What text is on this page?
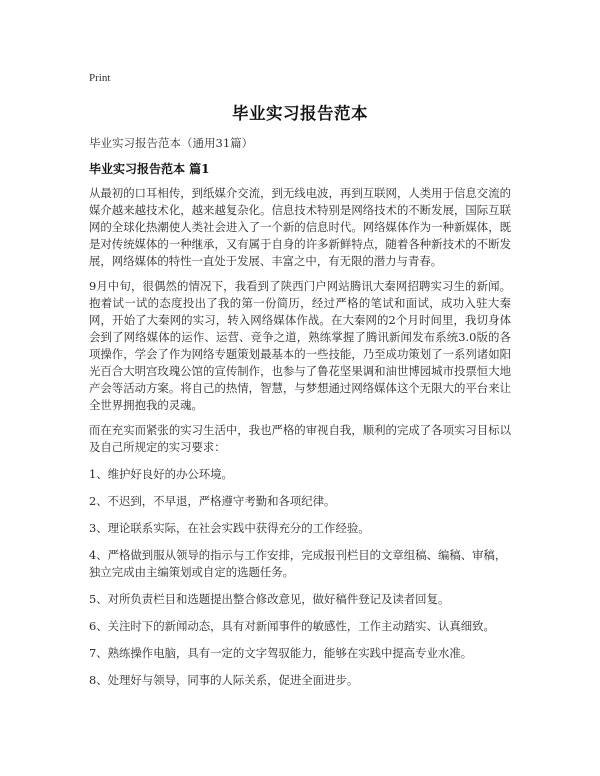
Print
毕业实习报告范本
毕业实习报告范本（通用31篇）
毕业实习报告范本 篇1
从最初的口耳相传，到纸媒介交流，到无线电波，再到互联网，人类用于信息交流的媒介越来越技术化，越来越复杂化。信息技术特别是网络技术的不断发展，国际互联网的全球化热潮使人类社会进入了一个新的信息时代。网络媒体作为一种新媒体，既是对传统媒体的一种继承，又有属于自身的许多新鲜特点，随着各种新技术的不断发展，网络媒体的特性一直处于发展、丰富之中，有无限的潜力与青春。
9月中旬，很偶然的情况下，我看到了陕西门户网站腾讯大秦网招聘实习生的新闻。抱着试一试的态度投出了我的第一份简历，经过严格的笔试和面试，成功入驻大秦网，开始了大秦网的实习，转入网络媒体作战。在大秦网的2个月时间里，我切身体会到了网络媒体的运作、运营、竞争之道，熟练掌握了腾讯新闻发布系统3.0版的各项操作，学会了作为网络专题策划最基本的一些技能，乃至成功策划了一系列诸如阳光百合大明宫玫瑰公馆的宣传制作，也参与了鲁花坚果调和油世博园城市投票恒大地产会等活动方案。将自己的热情，智慧，与梦想通过网络媒体这个无限大的平台来让全世界拥抱我的灵魂。
而在充实而紧张的实习生活中，我也严格的审视自我，顺利的完成了各项实习目标以及自己所规定的实习要求：
1、维护好良好的办公环境。
2、不迟到，不早退，严格遵守考勤和各项纪律。
3、理论联系实际，在社会实践中获得充分的工作经验。
4、严格做到服从领导的指示与工作安排，完成报刊栏目的文章组稿、编稿、审稿，独立完成由主编策划或自定的选题任务。
5、对所负责栏目和选题提出整合修改意见，做好稿件登记及读者回复。
6、关注时下的新闻动态，具有对新闻事件的敏感性，工作主动踏实、认真细致。
7、熟练操作电脑，具有一定的文字驾驭能力，能够在实践中提高专业水准。
8、处理好与领导，同事的人际关系，促进全面进步。
